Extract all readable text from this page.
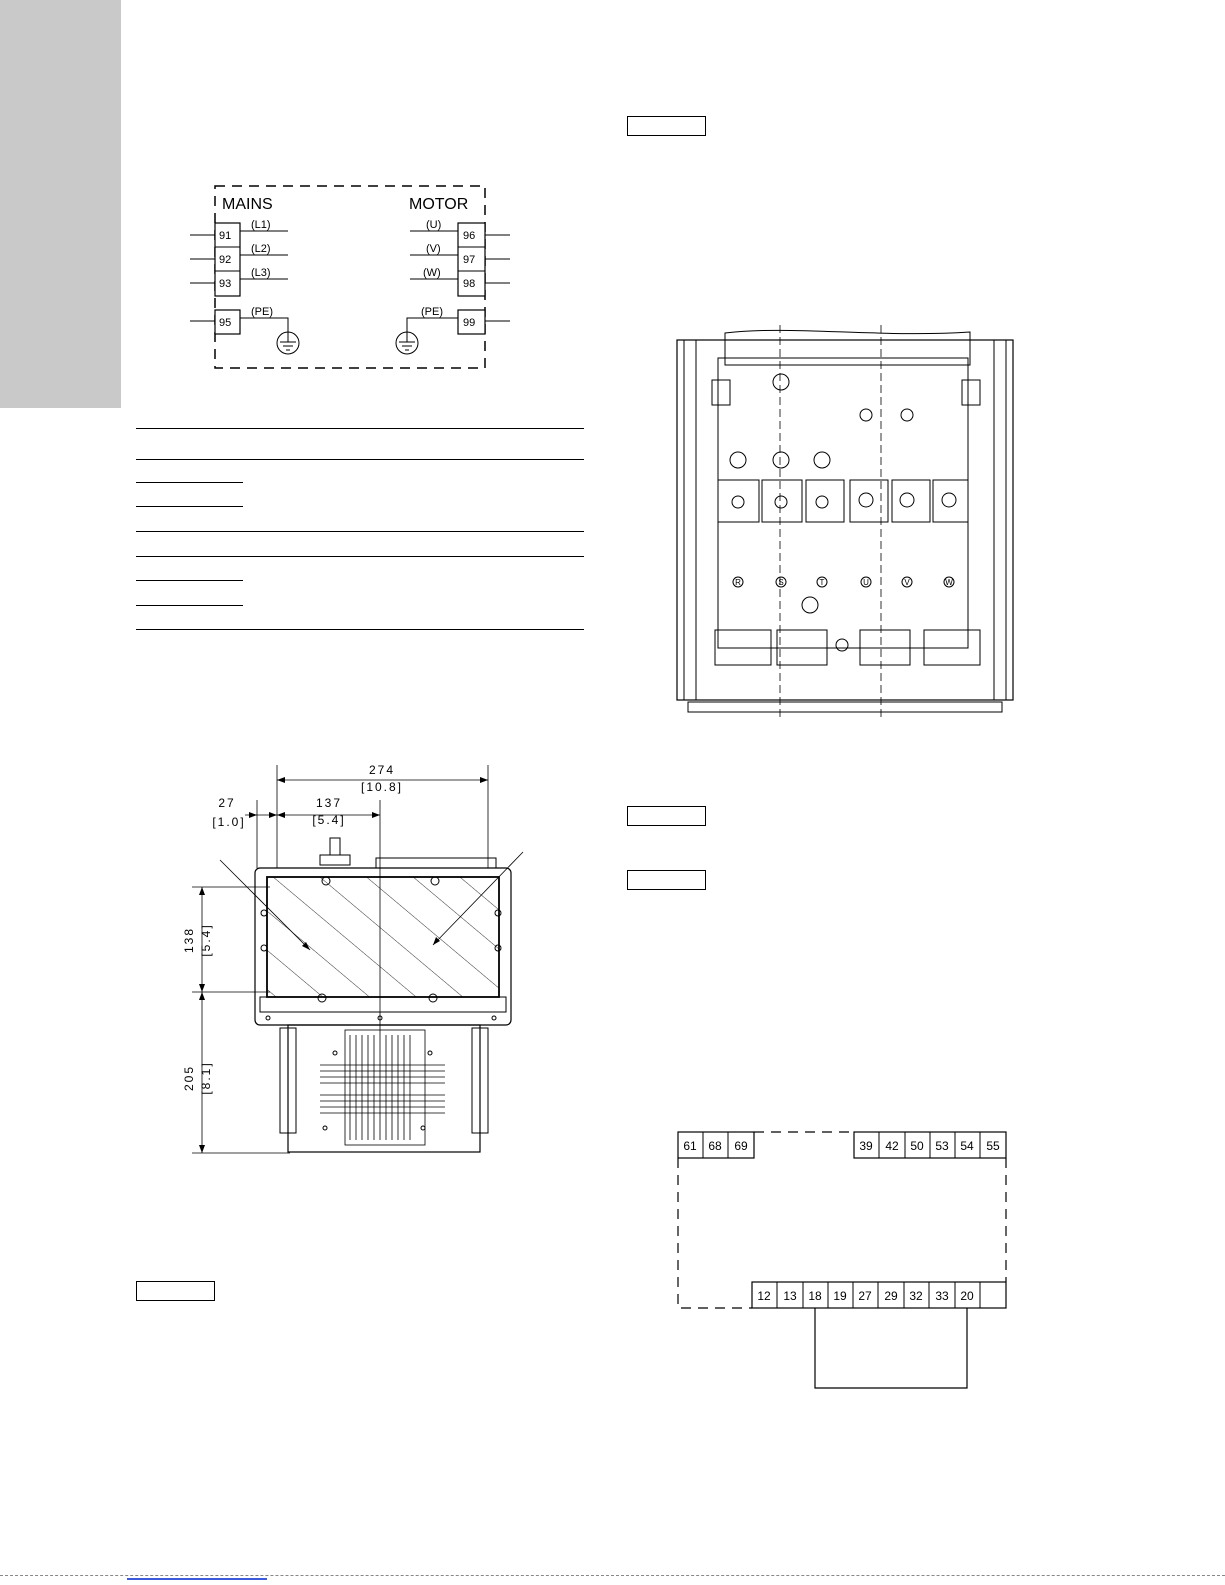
MAINS	MOTOR
91
92
93
95
(L1)
(L2)
(L3)
(PE)
96
97
98
99
(U)
(V)
(W)
(PE)
274
[10.8]
27
[1.0]
137
[5.4]
138 [5.4]
205 [8.1]
R	S	T	U	V	W
61 68 69	39 42 50 53 54 55
12 13 18 19 27 29 32 33 20
